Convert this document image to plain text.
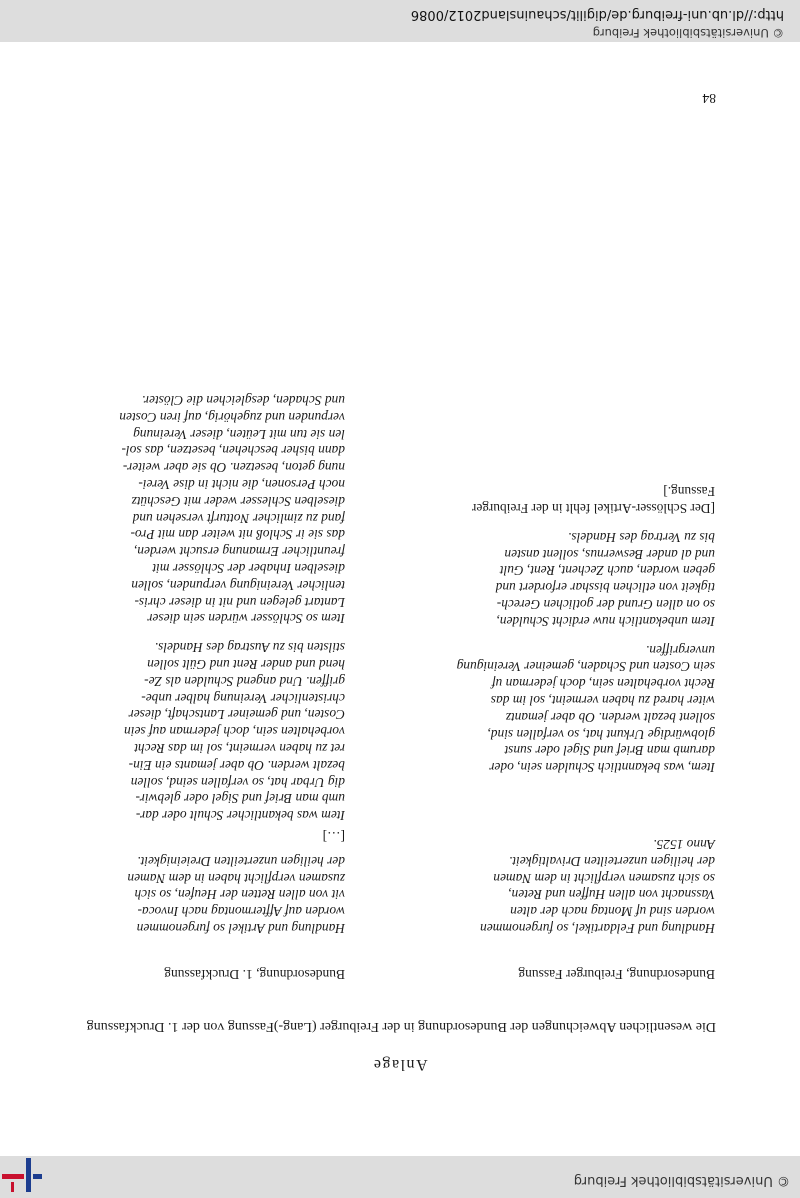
© Universitätsbibliothek Freiburg
Anlage
Die wesentlichen Abweichungen der Bundesordnung in der Freiburger (Lang-)Fassung von der 1. Druckfassung
Bundesordnung, Freiburger Fassung
Bundesordnung, 1. Druckfassung
Handlung und Feldartikel, so furgenommen
worden sind uf Montag nach der alten
Vassnacht von allen Huffen und Reten,
so sich zusamen verpflicht in dem Namen
der heiligen unzerteilten Drivaltigkeit.
Anno 1525.
Item, was bekanntlich Schulden sein, oder
darumb man Brief und Sigel oder sunst
globwürdige Urkunt hat, so verfallen sind,
sollent bezalt werden. Ob aber jemantz
witer hared zu haben vermeint, sol im das
Recht vorbehalten sein, doch jederman uf
sein Costen und Schaden, gemeiner Vereinigung
unvergriffen.
Item unbekantlich nuw erdicht Schulden,
so on allen Grund der gotlichen Gerech-
tigkeit von etlichen bisshar erfordert und
geben worden, auch Zechent, Rent, Gult
und al ander Beswernus, sollent ansten
bis zu Vertrag des Handels.
[Der Schlösser-Artikel fehlt in der Freiburger
Fassung.]
Handlung und Artikel so furgenommen
worden auf Afftermontag nach Invoca-
vit von allen Retten der Heufen, so sich
zusamen verpflicht haben in dem Namen
der heiligen unzerteilten Dreieinigkeit.
[…]
Item was bekantlicher Schult oder dar-
umb man Brief und Sigel oder glebwir-
dig Urbar hat, so verfallen seind, sollen
bezalt werden. Ob aber jemants ein Ein-
ret zu haben vermeint, sol im das Recht
vorbehalten sein, doch jederman auf sein
Costen, und gemeiner Lantschaft, dieser
christenlicher Vereinung halber unbe-
griffen. Und angend Schulden als Ze-
hend und ander Rent und Gült sollen
stilsten bis zu Austrag des Handels.
Item so Schlösser würden sein dieser
Lantart gelegen und nit in dieser chris-
tenlicher Vereinigung verpunden, sollen
dieselben Inhaber der Schlösser mit
freuntlicher Ermanung ersucht werden,
das sie ir Schloß nit weiter dan mit Pro-
fand zu zimlicher Notturft versehen und
dieselben Schlesser weder mit Geschütz
noch Personen, die nicht in dise Verei-
nung geton, besetzen. Ob sie aber weiter-
dann bisher beschehen, besetzen, das sol-
len sie tun mit Leüten, dieser Vereinung
verpunden und zugehörig, auf iren Costen
und Schaden, desgleichen die Clöster.
84
© Universitätsbibliothek Freiburg
http://dl.ub.uni-freiburg.de/digilit/schauinsland2012/0086
